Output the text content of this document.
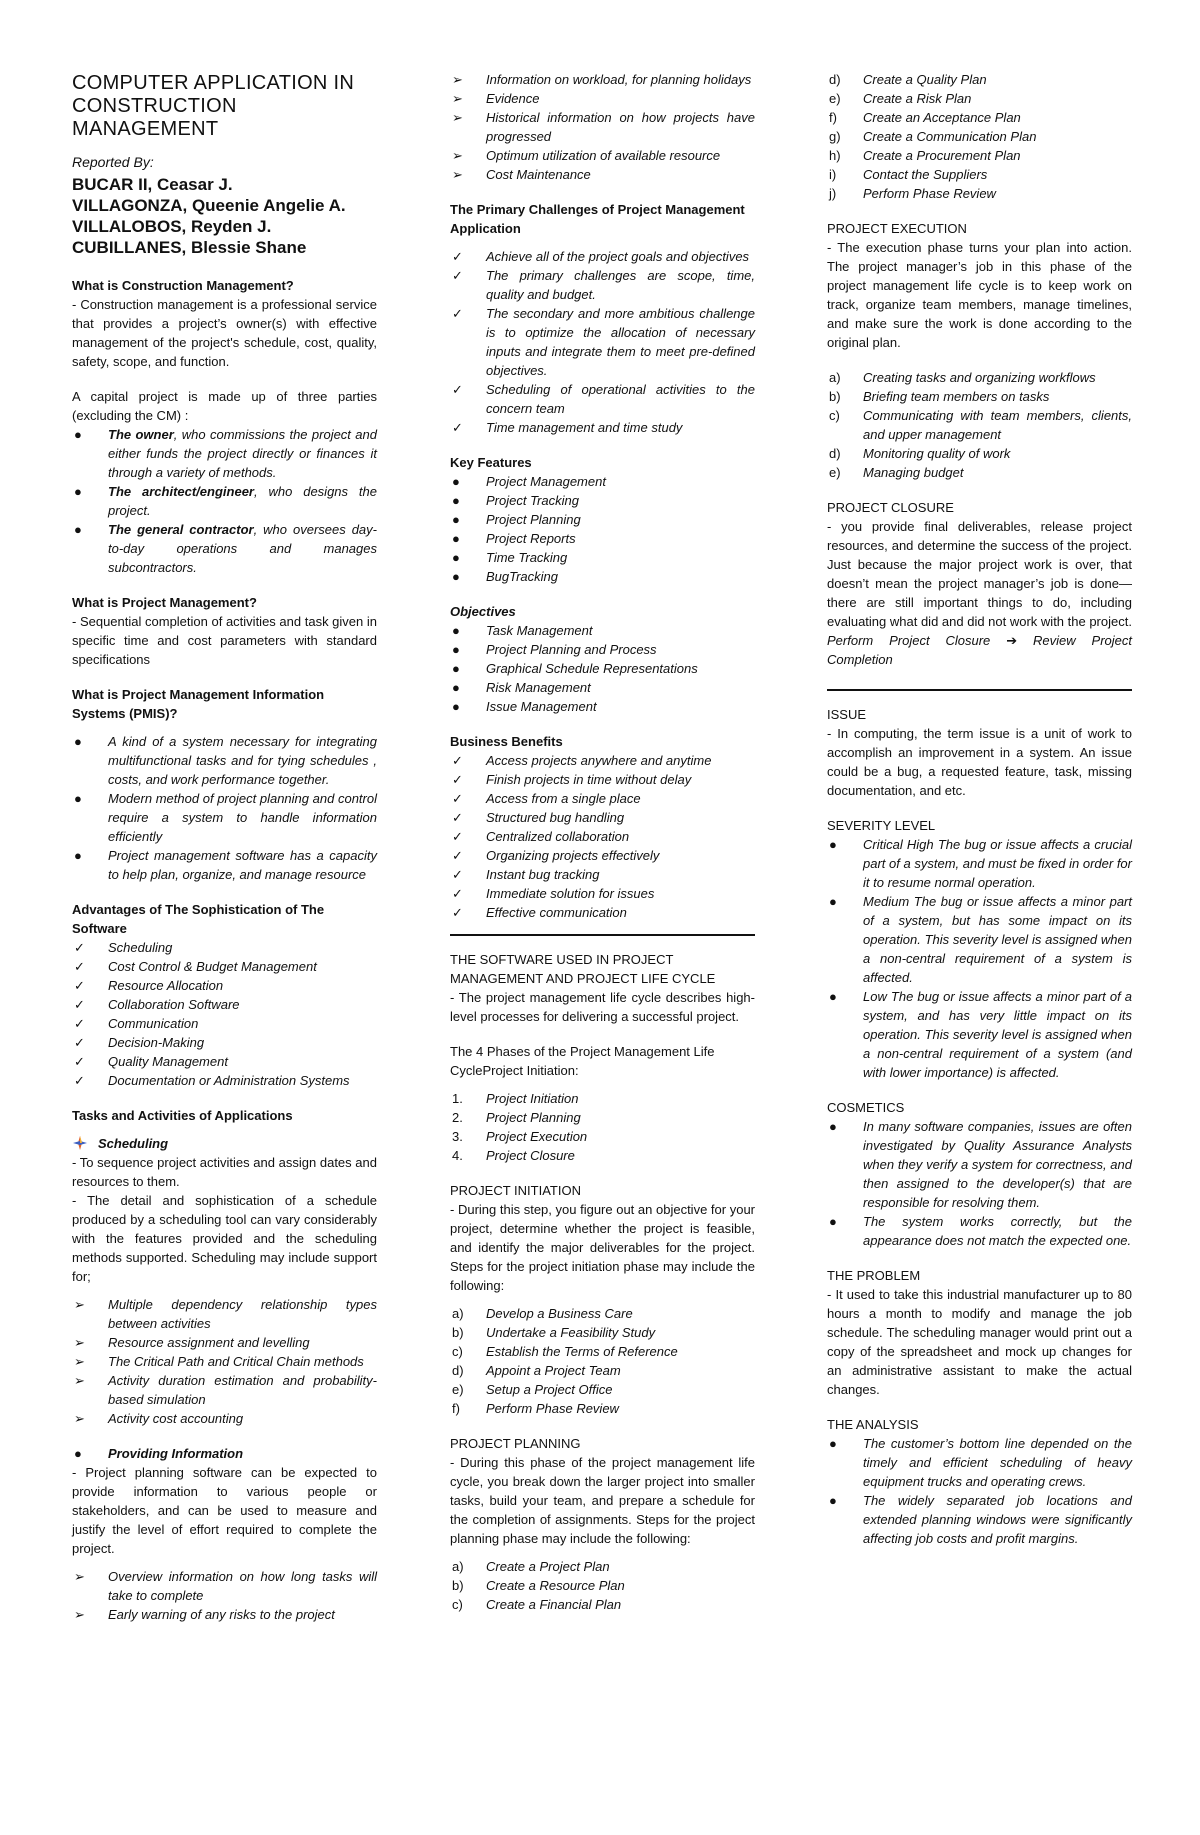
COMPUTER APPLICATION IN CONSTRUCTION MANAGEMENT

Reported By:

BUCAR II, Ceasar J.
VILLAGONZA, Queenie Angelie A.
VILLALOBOS, Reyden J.
CUBILLANES, Blessie Shane

What is Construction Management?

- Construction management is a professional service that provides a project’s owner(s) with effective management of the project's schedule, cost, quality, safety, scope, and function.

A capital project is made up of three parties (excluding the CM) :

●	The owner, who commissions the project and either funds the project directly or finances it through a variety of methods.
●	The architect/engineer, who designs the project.
●	The general contractor, who oversees day-to-day operations and manages subcontractors.

What is Project Management?

- Sequential completion of activities and task given in specific time and cost parameters with standard specifications

What is Project Management Information Systems (PMIS)?

●	A kind of a system necessary for integrating multifunctional tasks and for tying schedules , costs, and work performance together.
●	Modern method of project planning and control require a system to handle information efficiently
●	Project management software has a capacity to help plan, organize, and manage resource

Advantages of The Sophistication of The Software

✓	Scheduling
✓	Cost Control & Budget Management
✓	Resource Allocation
✓	Collaboration Software
✓	Communication
✓	Decision-Making
✓	Quality Management
✓	Documentation or Administration Systems

Tasks and Activities of Applications

Scheduling

- To sequence project activities and assign dates and resources to them.

- The detail and sophistication of a schedule produced by a scheduling tool can vary considerably with the features provided and the scheduling methods supported. Scheduling may include support for;

➢	Multiple dependency relationship types between activities
➢	Resource assignment and levelling
➢	The Critical Path and Critical Chain methods
➢	Activity duration estimation and probability-based simulation
➢	Activity cost accounting
●	Providing Information

- Project planning software can be expected to provide information to various people or stakeholders, and can be used to measure and justify the level of effort required to complete the project.

➢	Overview information on how long tasks will take to complete
➢	Early warning of any risks to the project
➢	Information on workload, for planning holidays
➢	Evidence
➢	Historical information on how projects have progressed
➢	Optimum utilization of available resource
➢	Cost Maintenance

The Primary Challenges of Project Management Application

✓	Achieve all of the project goals and objectives
✓	The primary challenges are scope, time, quality and budget.
✓	The secondary and more ambitious challenge is to optimize the allocation of necessary inputs and integrate them to meet pre-defined objectives.
✓	Scheduling of operational activities to the concern team
✓	Time management and time study

Key Features

●	Project Management
●	Project Tracking
●	Project Planning
●	Project Reports
●	Time Tracking
●	BugTracking

Objectives

●	Task Management
●	Project Planning and Process
●	Graphical Schedule Representations
●	Risk Management
●	Issue Management

Business Benefits

✓	Access projects anywhere and anytime
✓	Finish projects in time without delay
✓	Access from a single place
✓	Structured bug handling
✓	Centralized collaboration
✓	Organizing projects effectively
✓	Instant bug tracking
✓	Immediate solution for issues
✓	Effective communication

THE SOFTWARE USED IN PROJECT MANAGEMENT AND PROJECT LIFE CYCLE

- The project management life cycle describes high-level processes for delivering a successful project.

The 4 Phases of the Project Management Life CycleProject Initiation:

1.	Project Initiation
2.	Project Planning
3.	Project Execution
4.	Project Closure

PROJECT INITIATION

- During this step, you figure out an objective for your project, determine whether the project is feasible, and identify the major deliverables for the project. Steps for the project initiation phase may include the following:

a)	Develop a Business Care
b)	Undertake a Feasibility Study
c)	Establish the Terms of Reference
d)	Appoint a Project Team
e)	Setup a Project Office
f)	Perform Phase Review

PROJECT PLANNING

- During this phase of the project management life cycle, you break down the larger project into smaller tasks, build your team, and prepare a schedule for the completion of assignments. Steps for the project planning phase may include the following:

a)	Create a Project Plan
b)	Create a Resource Plan
c)	Create a Financial Plan
d)	Create a Quality Plan
e)	Create a Risk Plan
f)	Create an Acceptance Plan
g)	Create a Communication Plan
h)	Create a Procurement Plan
i)	Contact the Suppliers
j)	Perform Phase Review

PROJECT EXECUTION

- The execution phase turns your plan into action. The project manager’s job in this phase of the project management life cycle is to keep work on track, organize team members, manage timelines, and make sure the work is done according to the original plan.

a)	Creating tasks and organizing workflows
b)	Briefing team members on tasks
c)	Communicating with team members, clients, and upper management
d)	Monitoring quality of work
e)	Managing budget

PROJECT CLOSURE

- you provide final deliverables, release project resources, and determine the success of the project. Just because the major project work is over, that doesn’t mean the project manager’s job is done—there are still important things to do, including evaluating what did and did not work with the project.

Perform Project Closure ➔ Review Project Completion

ISSUE

- In computing, the term issue is a unit of work to accomplish an improvement in a system. An issue could be a bug, a requested feature, task, missing documentation, and etc.

SEVERITY LEVEL

●	Critical High The bug or issue affects a crucial part of a system, and must be fixed in order for it to resume normal operation.
●	Medium The bug or issue affects a minor part of a system, but has some impact on its operation. This severity level is assigned when a non-central requirement of a system is affected.
●	Low The bug or issue affects a minor part of a system, and has very little impact on its operation. This severity level is assigned when a non-central requirement of a system (and with lower importance) is affected.

COSMETICS

●	In many software companies, issues are often investigated by Quality Assurance Analysts when they verify a system for correctness, and then assigned to the developer(s) that are responsible for resolving them.
●	The system works correctly, but the appearance does not match the expected one.

THE PROBLEM

- It used to take this industrial manufacturer up to 80 hours a month to modify and manage the job schedule. The scheduling manager would print out a copy of the spreadsheet and mock up changes for an administrative assistant to make the actual changes.

THE ANALYSIS

●	The customer’s bottom line depended on the timely and efficient scheduling of heavy equipment trucks and operating crews.
●	The widely separated job locations and extended planning windows were significantly affecting job costs and profit margins.
